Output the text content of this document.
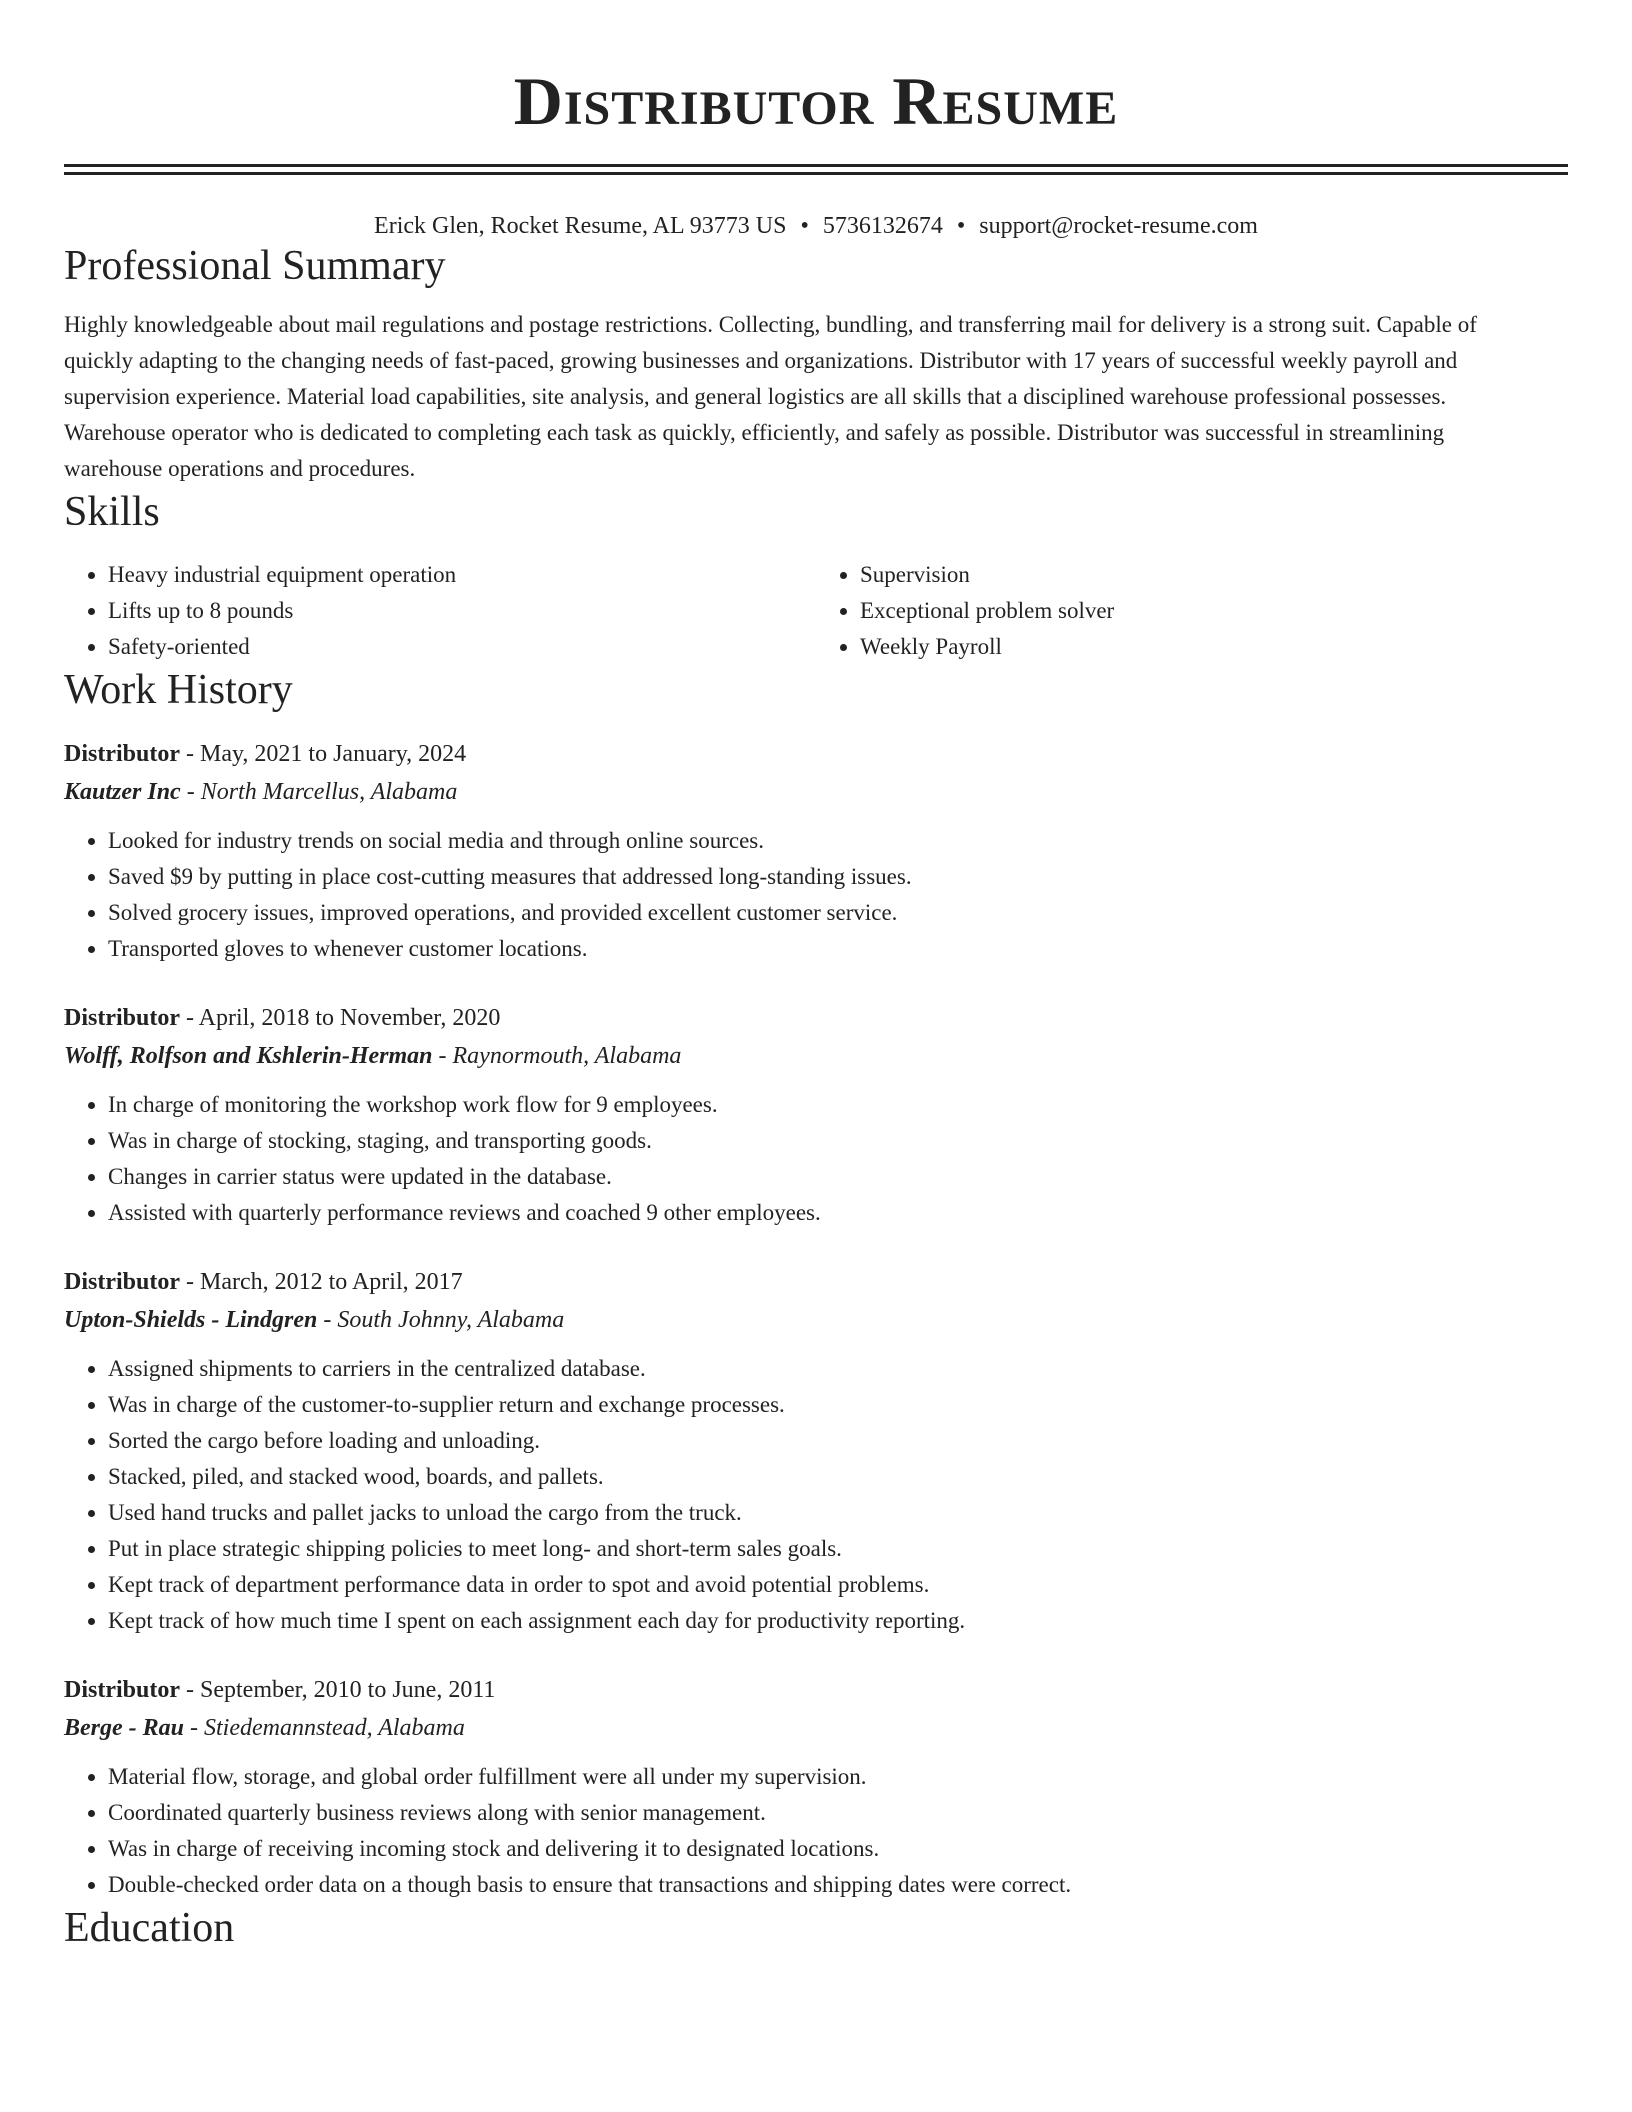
Distributor Resume
Erick Glen, Rocket Resume, AL 93773 US • 5736132674 • support@rocket-resume.com
Professional Summary

Highly knowledgeable about mail regulations and postage restrictions. Collecting, bundling, and transferring mail for delivery is a strong suit. Capable of quickly adapting to the changing needs of fast-paced, growing businesses and organizations. Distributor with 17 years of successful weekly payroll and supervision experience. Material load capabilities, site analysis, and general logistics are all skills that a disciplined warehouse professional possesses. Warehouse operator who is dedicated to completing each task as quickly, efficiently, and safely as possible. Distributor was successful in streamlining warehouse operations and procedures.

Skills
• Heavy industrial equipment operation
• Lifts up to 8 pounds
• Safety-oriented
• Supervision
• Exceptional problem solver
• Weekly Payroll
Work History
Distributor - May, 2021 to January, 2024
Kautzer Inc - North Marcellus, Alabama
• Looked for industry trends on social media and through online sources.
• Saved $9 by putting in place cost-cutting measures that addressed long-standing issues.
• Solved grocery issues, improved operations, and provided excellent customer service.
• Transported gloves to whenever customer locations.
Distributor - April, 2018 to November, 2020
Wolff, Rolfson and Kshlerin-Herman - Raynormouth, Alabama
• In charge of monitoring the workshop work flow for 9 employees.
• Was in charge of stocking, staging, and transporting goods.
• Changes in carrier status were updated in the database.
• Assisted with quarterly performance reviews and coached 9 other employees.
Distributor - March, 2012 to April, 2017
Upton-Shields - Lindgren - South Johnny, Alabama
• Assigned shipments to carriers in the centralized database.
• Was in charge of the customer-to-supplier return and exchange processes.
• Sorted the cargo before loading and unloading.
• Stacked, piled, and stacked wood, boards, and pallets.
• Used hand trucks and pallet jacks to unload the cargo from the truck.
• Put in place strategic shipping policies to meet long- and short-term sales goals.
• Kept track of department performance data in order to spot and avoid potential problems.
• Kept track of how much time I spent on each assignment each day for productivity reporting.
Distributor - September, 2010 to June, 2011
Berge - Rau - Stiedemannstead, Alabama
• Material flow, storage, and global order fulfillment were all under my supervision.
• Coordinated quarterly business reviews along with senior management.
• Was in charge of receiving incoming stock and delivering it to designated locations.
• Double-checked order data on a though basis to ensure that transactions and shipping dates were correct.
Education
